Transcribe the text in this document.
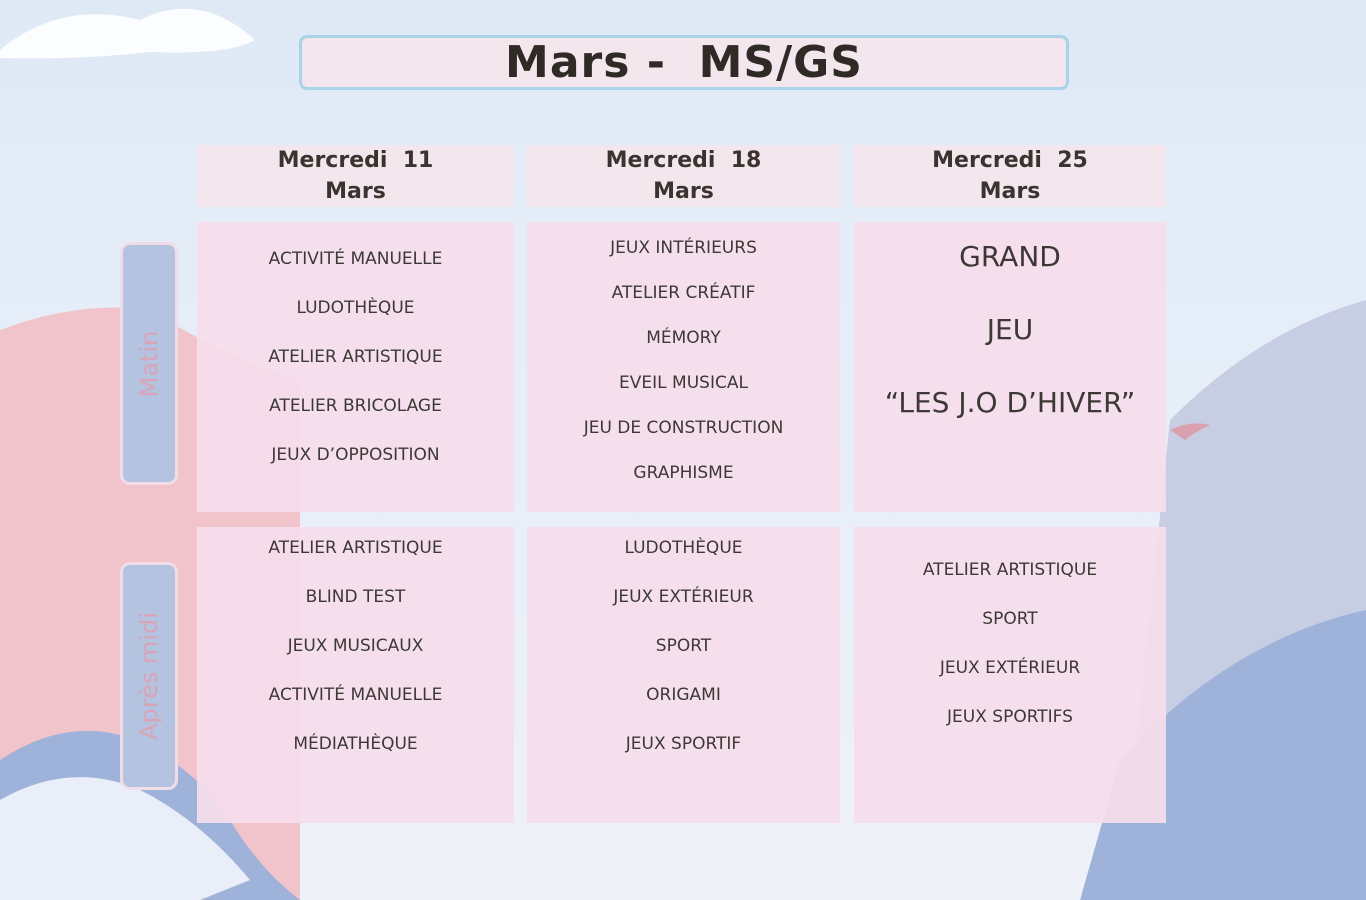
Mars -  MS/GS
Mercredi  11
Mars
Mercredi  18
Mars
Mercredi  25
Mars
Matin
Après midi
ACTIVITÉ MANUELLE
LUDOTHÈQUE
ATELIER ARTISTIQUE
ATELIER BRICOLAGE
JEUX D’OPPOSITION
JEUX INTÉRIEURS
ATELIER CRÉATIF
MÉMORY
EVEIL MUSICAL
JEU DE CONSTRUCTION
GRAPHISME
GRAND
JEU
“LES J.O D’HIVER”
ATELIER ARTISTIQUE
BLIND TEST
JEUX MUSICAUX
ACTIVITÉ MANUELLE
MÉDIATHÈQUE
LUDOTHÈQUE
JEUX EXTÉRIEUR
SPORT
ORIGAMI
JEUX SPORTIF
ATELIER ARTISTIQUE
SPORT
JEUX EXTÉRIEUR
JEUX SPORTIFS
